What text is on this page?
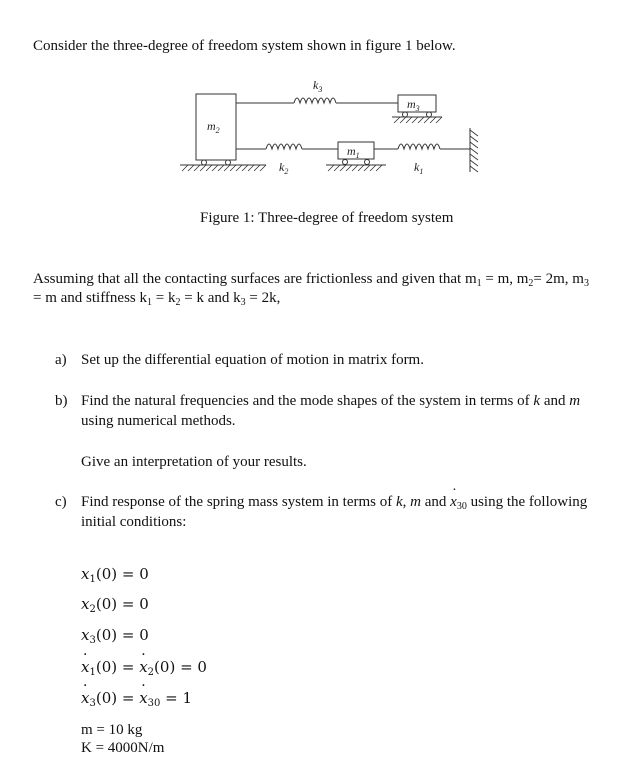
Consider the three-degree of freedom system shown in figure 1 below.
$m_2$
$m_3$
$m_1$
$k_3$
$k_2$	$k_1$
Figure 1: Three-degree of freedom system
Assuming that all the contacting surfaces are frictionless and given that $m_1 = m$, $m_2= 2m$, $m_3$
= m and stiffness $k_1 = k_2 = k$ and $k_3 = 2k$,
a) Set up the differential equation of motion in matrix form.
b) Find the natural frequencies and the mode shapes of the system in terms of k and m
using numerical methods.
Give an interpretation of your results.
c) Find response of the spring mass system in terms of k, m and $x \cdot_{30}$ using the following
initial conditions:
$x_1(0) = 0$
$x_2(0) = 0$
$x_3(0) = 0$
$x \cdot_1(0) = x \cdot_2(0) = 0$
$x \cdot_3(0) = x \cdot_{30} = 1$
m = 10 kg
K = 4000N/m
